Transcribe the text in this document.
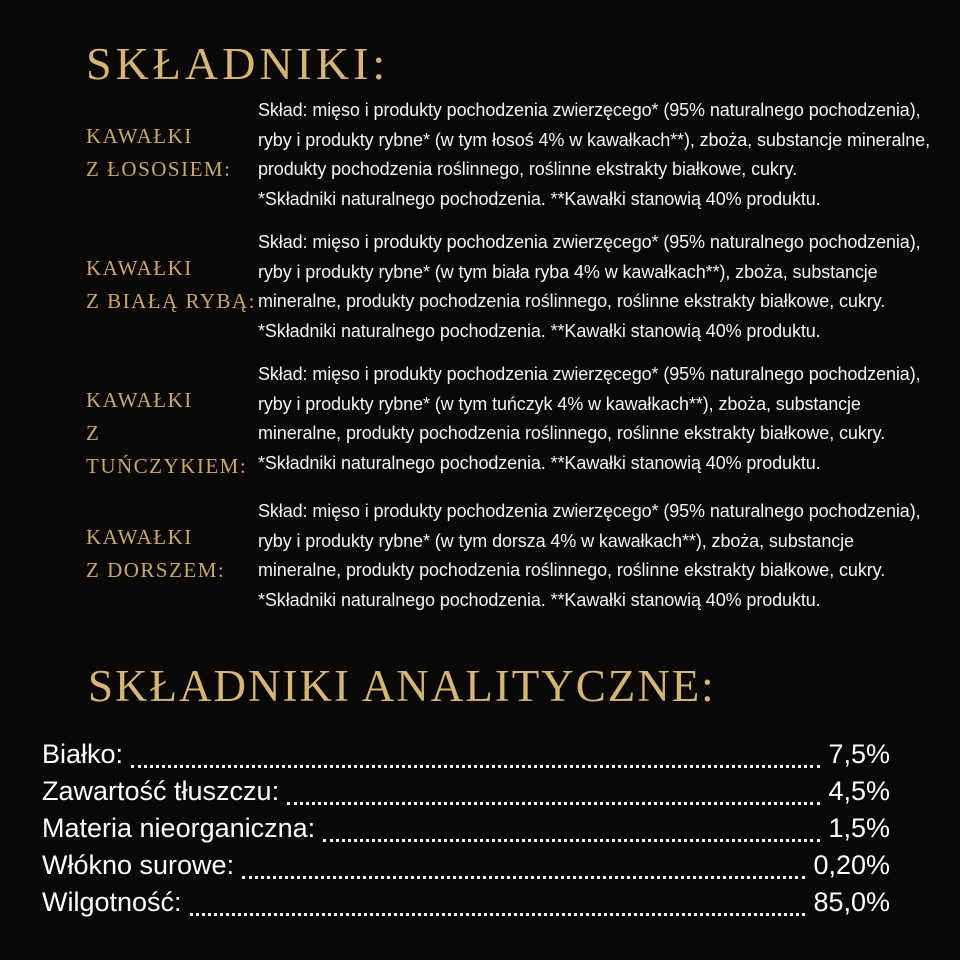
SKŁADNIKI:
KAWAŁKI
Z ŁOSOSIEM:

Skład: mięso i produkty pochodzenia zwierzęcego* (95% naturalnego pochodzenia), ryby i produkty rybne* (w tym łosoś 4% w kawałkach**), zboża, substancje mineralne, produkty pochodzenia roślinnego, roślinne ekstrakty białkowe, cukry.
*Składniki naturalnego pochodzenia. **Kawałki stanowią 40% produktu.

KAWAŁKI
Z BIAŁĄ RYBĄ:

Skład: mięso i produkty pochodzenia zwierzęcego* (95% naturalnego pochodzenia), ryby i produkty rybne* (w tym biała ryba 4% w kawałkach**), zboża, substancje mineralne, produkty pochodzenia roślinnego, roślinne ekstrakty białkowe, cukry.
*Składniki naturalnego pochodzenia. **Kawałki stanowią 40% produktu.

KAWAŁKI
Z TUŃCZYKIEM:

Skład: mięso i produkty pochodzenia zwierzęcego* (95% naturalnego pochodzenia), ryby i produkty rybne* (w tym tuńczyk 4% w kawałkach**), zboża, substancje mineralne, produkty pochodzenia roślinnego, roślinne ekstrakty białkowe, cukry.
*Składniki naturalnego pochodzenia. **Kawałki stanowią 40% produktu.

KAWAŁKI
Z DORSZEM:

Skład: mięso i produkty pochodzenia zwierzęcego* (95% naturalnego pochodzenia), ryby i produkty rybne* (w tym dorsza 4% w kawałkach**), zboża, substancje mineralne, produkty pochodzenia roślinnego, roślinne ekstrakty białkowe, cukry.
*Składniki naturalnego pochodzenia. **Kawałki stanowią 40% produktu.

SKŁADNIKI ANALITYCZNE:
Białko:	7,5%
Zawartość tłuszczu:	4,5%
Materia nieorganiczna:	1,5%
Włókno surowe:	0,20%
Wilgotność:	85,0%
